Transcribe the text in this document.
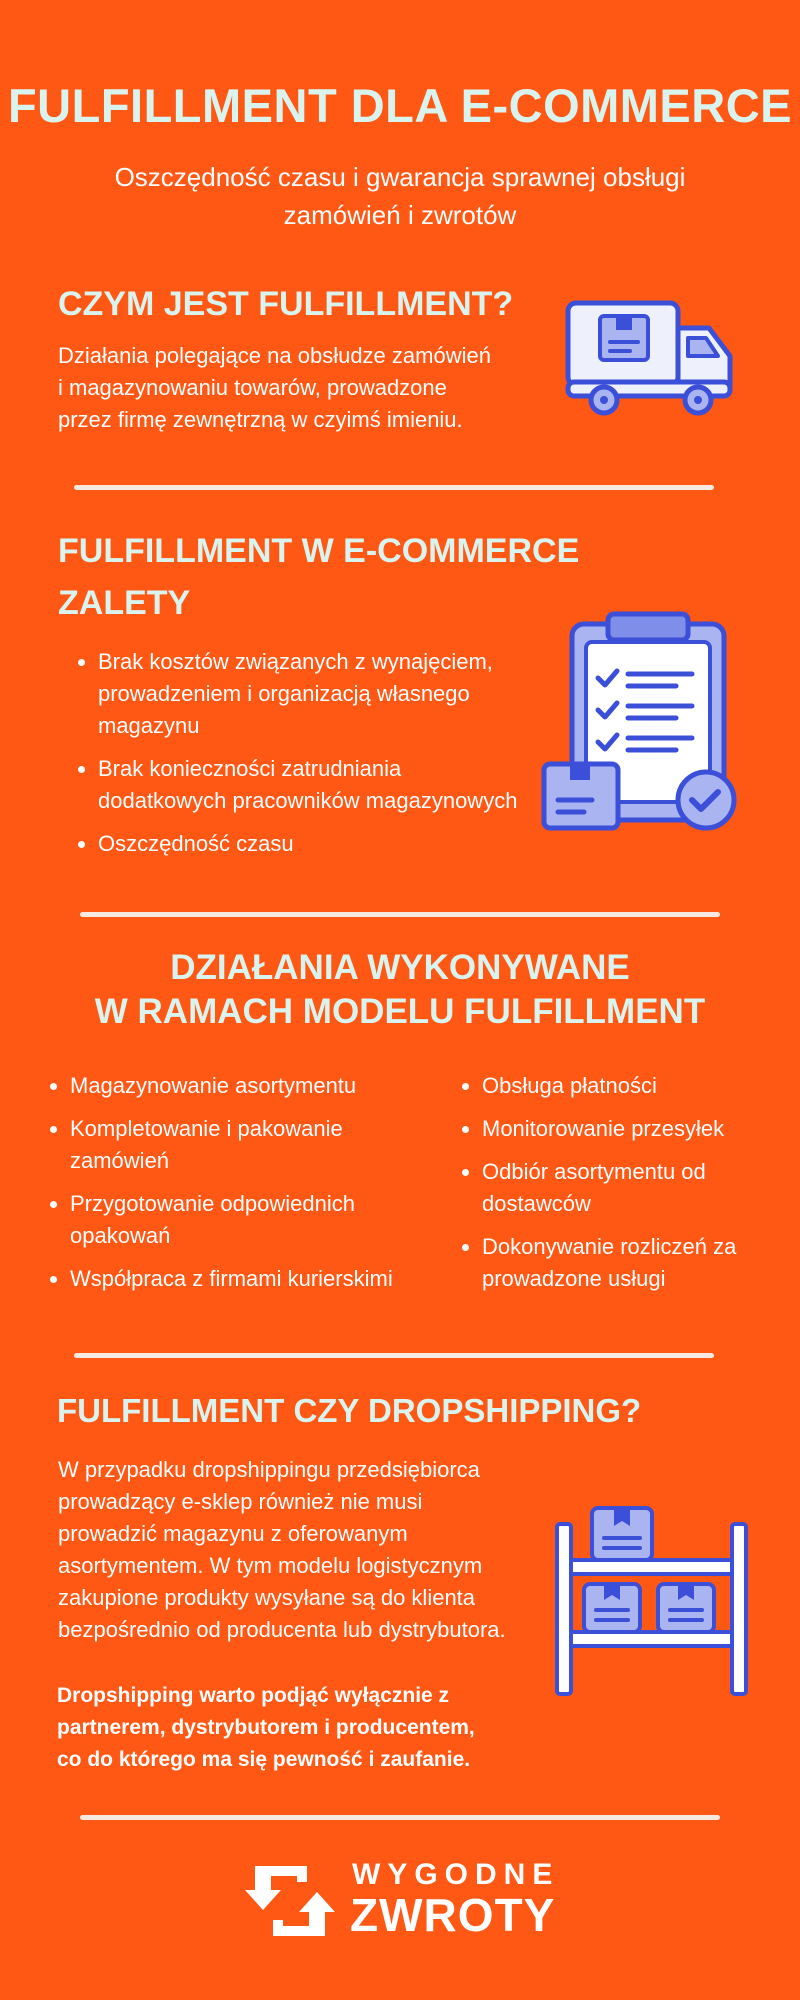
FULFILLMENT DLA E-COMMERCE
Oszczędność czasu i gwarancja sprawnej obsługi
zamówień i zwrotów
CZYM JEST FULFILLMENT?
Działania polegające na obsłudze zamówień
i magazynowaniu towarów, prowadzone
przez firmę zewnętrzną w czyimś imieniu.
FULFILLMENT W E-COMMERCE
ZALETY
• Brak kosztów związanych z wynajęciem, prowadzeniem i organizacją własnego magazynu
• Brak konieczności zatrudniania dodatkowych pracowników magazynowych
• Oszczędność czasu
DZIAŁANIA WYKONYWANE
W RAMACH MODELU FULFILLMENT
• Magazynowanie asortymentu
• Kompletowanie i pakowanie zamówień
• Przygotowanie odpowiednich opakowań
• Współpraca z firmami kurierskimi
• Obsługa płatności
• Monitorowanie przesyłek
• Odbiór asortymentu od dostawców
• Dokonywanie rozliczeń za prowadzone usługi
FULFILLMENT CZY DROPSHIPPING?
W przypadku dropshippingu przedsiębiorca
prowadzący e-sklep również nie musi
prowadzić magazynu z oferowanym
asortymentem. W tym modelu logistycznym
zakupione produkty wysyłane są do klienta
bezpośrednio od producenta lub dystrybutora.
Dropshipping warto podjąć wyłącznie z
partnerem, dystrybutorem i producentem,
co do którego ma się pewność i zaufanie.
WYGODNE
ZWROTY
